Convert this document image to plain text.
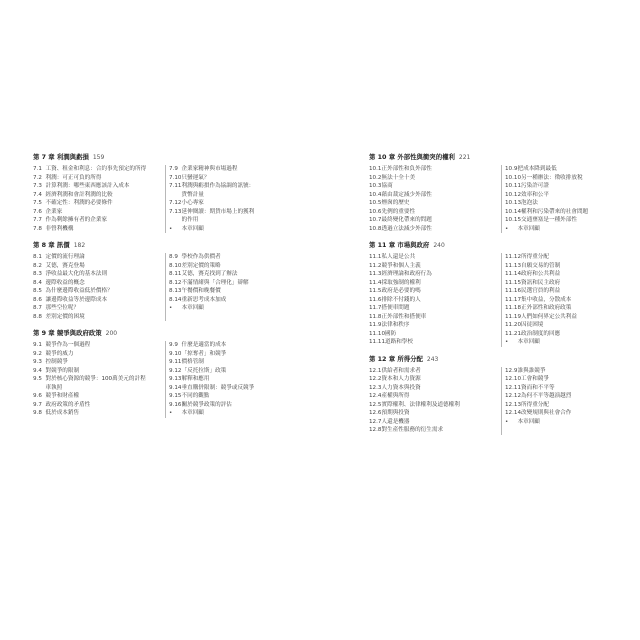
第 7 章 利潤與虧損 159
7.1 工資、租金和利息：合約事先預定的所得
7.2 利潤：可正可負的所得
7.3 計算利潤：哪些東西應該計入成本
7.4 經濟利潤和會計利潤的比較
7.5 不確定性：利潤的必要條件
7.6 企業家
7.7 作為剩餘擁有者的企業家
7.8 非營利機構
7.9 企業家精神與市場過程
7.10 只蠻運氣？
7.11 利潤與虧損作為協調的訊號：
貨幣計量
7.12 小心專家
7.13 延伸閱讀：期貨市場上的獲利
的作用
•	本章回顧
第 8 章 訊價 182
8.1 定價的流行理論
8.2 艾德，賽克登場
8.3 淨收益最大化的基本法則
8.4 邊際收益的概念
8.5 為什麼邊際收益低於價格？
8.6 讓邊際收益等於邊際成本
8.7 那些空位呢？
8.8 差別定價的困境
8.9 學校作為供價者
8.10 差別定價的策略
8.11 艾德，賽克找到了辦法
8.12 不滿情緒與「合理化」辯解
8.13 午餐價和晚餐價
8.14 重新思考成本加成
•	本章回顧
第 9 章 競爭與政府政策 200
9.1 競爭作為一個過程
9.2 競爭的威力
9.3 控制競爭
9.4 對競爭的限制
9.5 對於核心資源的競爭：100萬美元的計程
車執照
9.6 競爭和財產權
9.7 政府政策的矛盾性
9.8 低於成本銷售
9.9 什麼是適當的成本
9.10 「掠奪者」和競爭
9.11 價格管制
9.12 「反托拉斯」政策
9.13 解釋和應用
9.14 垂直購併限制：競爭或反競爭
9.15 不同的觀點
9.16 關於競爭政策的評估
•	本章回顧
第 10 章 外部性與衝突的權利 221
10.1 正外部性和負外部性
10.2 無法十全十美
10.3 協商
10.4 藉由裁定減少外部性
10.5 煙囪的歷史
10.6 先例的重要性
10.7 最終變化帶來的問題
10.8 透過立法減少外部性
10.9 把成本降到最低
10.10 另一種辦法：徵收排放稅
10.11 污染許可證
10.12 效率和公平
10.13 泡泡法
10.14 權利和污染帶來的社會問題
10.15 交通壅塞是一種外部性
•	本章回顧
第 11 章 市場與政府 240
11.1 私人還是公共
11.2 競爭和個人主義
11.3 經濟理論和政府行為
11.4 採取強制的權利
11.5 政府是必要的嗎
11.6 排除不付錢的人
11.7 搭便車問題
11.8 正外部性和搭便車
11.9 法律和秩序
11.10 國防
11.11 道路和學校
11.12 所得重分配
11.13 自願交易的管制
11.14 政府和公共利益
11.15 資訊和民主政府
11.16 民選官員的利益
11.17 集中收益，分散成本
11.18 正外部性和政府政策
11.19 人們如何界定公共利益
11.20 囚徒困境
11.21 政治制度的回應
•	本章回顧
第 12 章 所得分配 243
12.1 供給者和需求者
12.2 資本和人力資源
12.3 人力資本與投資
12.4 產權與所得
12.5 實際權利、法律權利及道德權利
12.6 預期與投資
12.7 人還是機器
12.8 對生產性服務的衍生需求
12.9 誰與誰競爭
12.10 工會和競爭
12.11 資而和不平等
12.12 為何不平等越演越烈
12.13 所得重分配
12.14 改變規則與社會合作
•	本章回顧
